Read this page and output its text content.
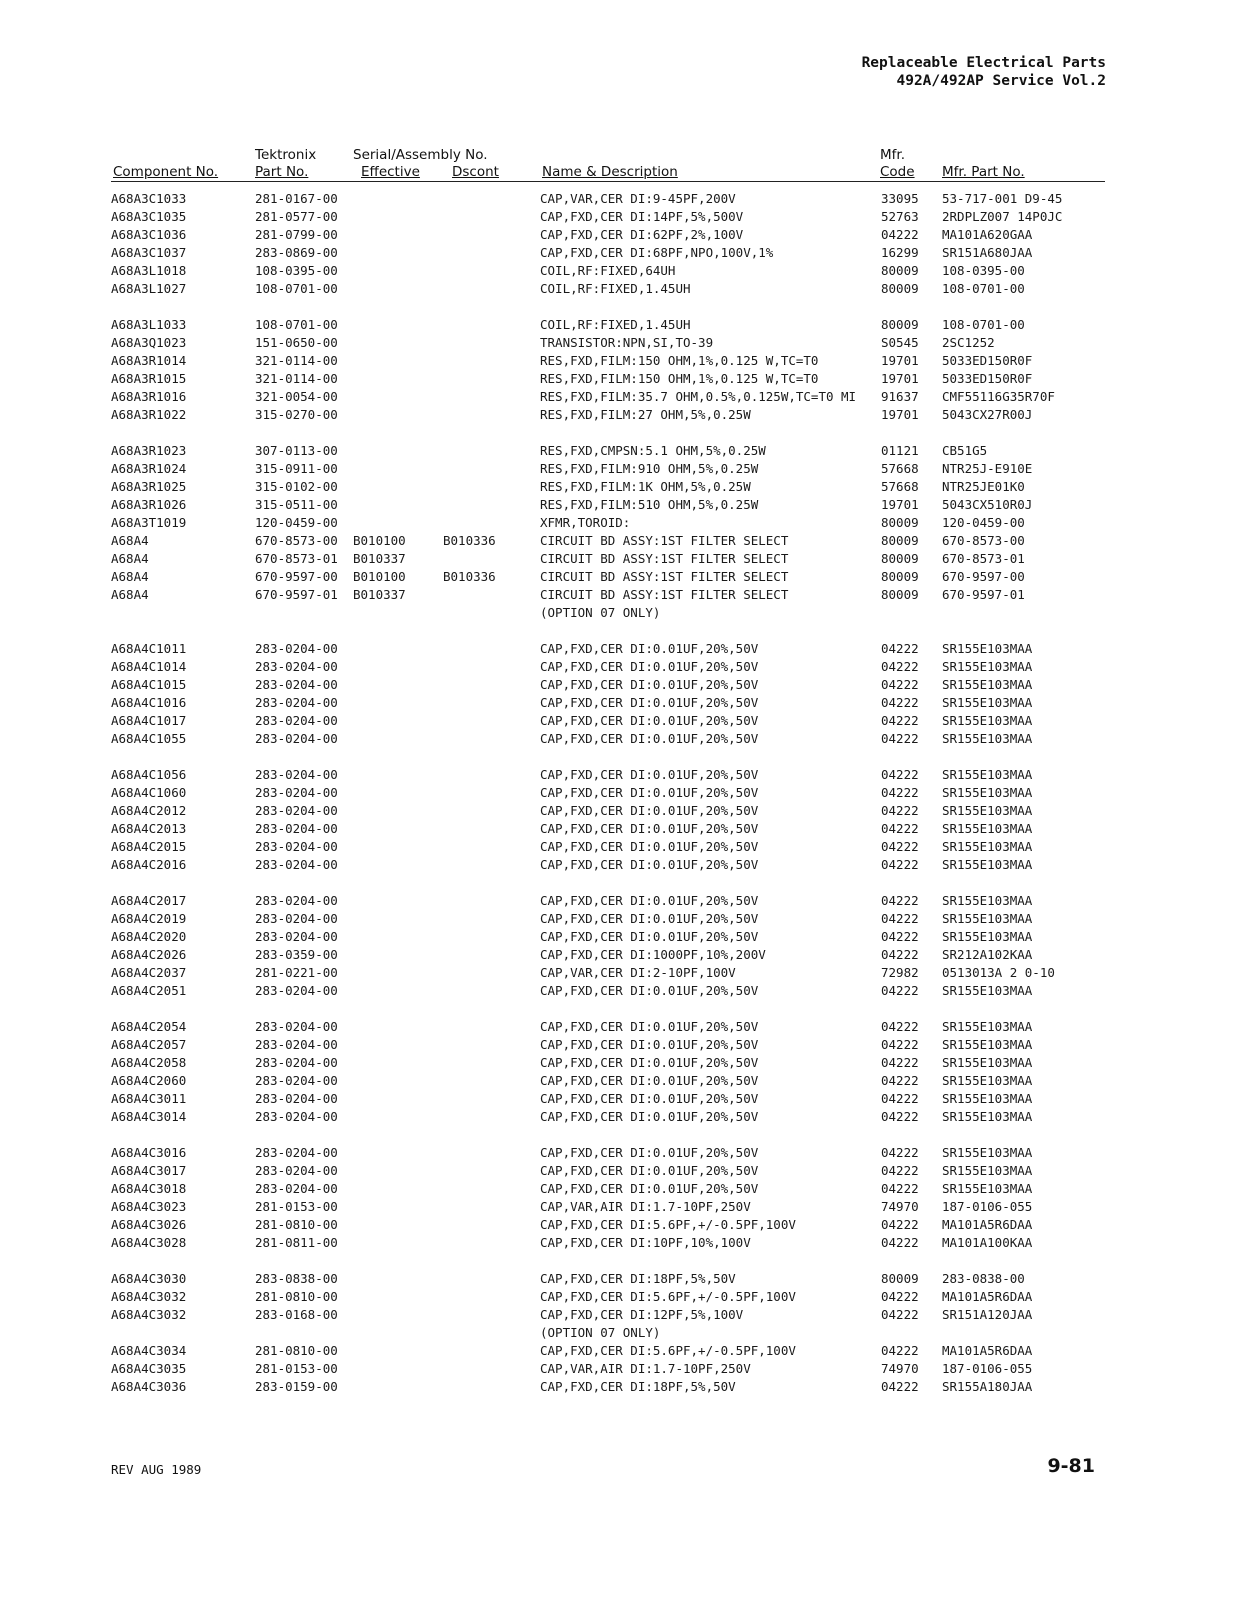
Replaceable Electrical Parts
492A/492AP Service Vol.2
Tektronix	Serial/Assembly No.	Mfr.
Component No.	Part No.	Effective Dscont	Name & Description	Code Mfr. Part No.
A68A3C1033	281-0167-00	CAP,VAR,CER DI:9-45PF,200V	33095 53-717-001 D9-45
A68A3C1035	281-0577-00	CAP,FXD,CER DI:14PF,5%,500V	52763 2RDPLZ007 14P0JC
A68A3C1036	281-0799-00	CAP,FXD,CER DI:62PF,2%,100V	04222 MA101A620GAA
A68A3C1037	283-0869-00	CAP,FXD,CER DI:68PF,NPO,100V,1%	16299 SR151A680JAA
A68A3L1018	108-0395-00	COIL,RF:FIXED,64UH	80009 108-0395-00
A68A3L1027	108-0701-00	COIL,RF:FIXED,1.45UH	80009 108-0701-00
A68A3L1033	108-0701-00	COIL,RF:FIXED,1.45UH	80009 108-0701-00
A68A3Q1023	151-0650-00	TRANSISTOR:NPN,SI,TO-39	S0545 2SC1252
A68A3R1014	321-0114-00	RES,FXD,FILM:150 OHM,1%,0.125 W,TC=T0	19701 5033ED150R0F
A68A3R1015	321-0114-00	RES,FXD,FILM:150 OHM,1%,0.125 W,TC=T0	19701 5033ED150R0F
A68A3R1016	321-0054-00	RES,FXD,FILM:35.7 OHM,0.5%,0.125W,TC=T0 MI 91637 CMF55116G35R70F
A68A3R1022	315-0270-00	RES,FXD,FILM:27 OHM,5%,0.25W	19701 5043CX27R00J
A68A3R1023	307-0113-00	RES,FXD,CMPSN:5.1 OHM,5%,0.25W	01121 CB51G5
A68A3R1024	315-0911-00	RES,FXD,FILM:910 OHM,5%,0.25W	57668 NTR25J-E910E
A68A3R1025	315-0102-00	RES,FXD,FILM:1K OHM,5%,0.25W	57668 NTR25JE01K0
A68A3R1026	315-0511-00	RES,FXD,FILM:510 OHM,5%,0.25W	19701 5043CX510R0J
A68A3T1019	120-0459-00	XFMR,TOROID:	80009 120-0459-00
A68A4	670-8573-00 B010100	B010336	CIRCUIT BD ASSY:1ST FILTER SELECT	80009 670-8573-00
A68A4	670-8573-01 B010337	CIRCUIT BD ASSY:1ST FILTER SELECT	80009 670-8573-01
A68A4	670-9597-00 B010100	B010336	CIRCUIT BD ASSY:1ST FILTER SELECT	80009 670-9597-00
A68A4	670-9597-01 B010337	CIRCUIT BD ASSY:1ST FILTER SELECT	80009 670-9597-01
(OPTION 07 ONLY)
A68A4C1011	283-0204-00	CAP,FXD,CER DI:0.01UF,20%,50V	04222 SR155E103MAA
A68A4C1014	283-0204-00	CAP,FXD,CER DI:0.01UF,20%,50V	04222 SR155E103MAA
A68A4C1015	283-0204-00	CAP,FXD,CER DI:0.01UF,20%,50V	04222 SR155E103MAA
A68A4C1016	283-0204-00	CAP,FXD,CER DI:0.01UF,20%,50V	04222 SR155E103MAA
A68A4C1017	283-0204-00	CAP,FXD,CER DI:0.01UF,20%,50V	04222 SR155E103MAA
A68A4C1055	283-0204-00	CAP,FXD,CER DI:0.01UF,20%,50V	04222 SR155E103MAA
A68A4C1056	283-0204-00	CAP,FXD,CER DI:0.01UF,20%,50V	04222 SR155E103MAA
A68A4C1060	283-0204-00	CAP,FXD,CER DI:0.01UF,20%,50V	04222 SR155E103MAA
A68A4C2012	283-0204-00	CAP,FXD,CER DI:0.01UF,20%,50V	04222 SR155E103MAA
A68A4C2013	283-0204-00	CAP,FXD,CER DI:0.01UF,20%,50V	04222 SR155E103MAA
A68A4C2015	283-0204-00	CAP,FXD,CER DI:0.01UF,20%,50V	04222 SR155E103MAA
A68A4C2016	283-0204-00	CAP,FXD,CER DI:0.01UF,20%,50V	04222 SR155E103MAA
A68A4C2017	283-0204-00	CAP,FXD,CER DI:0.01UF,20%,50V	04222 SR155E103MAA
A68A4C2019	283-0204-00	CAP,FXD,CER DI:0.01UF,20%,50V	04222 SR155E103MAA
A68A4C2020	283-0204-00	CAP,FXD,CER DI:0.01UF,20%,50V	04222 SR155E103MAA
A68A4C2026	283-0359-00	CAP,FXD,CER DI:1000PF,10%,200V	04222 SR212A102KAA
A68A4C2037	281-0221-00	CAP,VAR,CER DI:2-10PF,100V	72982 0513013A 2 0-10
A68A4C2051	283-0204-00	CAP,FXD,CER DI:0.01UF,20%,50V	04222 SR155E103MAA
A68A4C2054	283-0204-00	CAP,FXD,CER DI:0.01UF,20%,50V	04222 SR155E103MAA
A68A4C2057	283-0204-00	CAP,FXD,CER DI:0.01UF,20%,50V	04222 SR155E103MAA
A68A4C2058	283-0204-00	CAP,FXD,CER DI:0.01UF,20%,50V	04222 SR155E103MAA
A68A4C2060	283-0204-00	CAP,FXD,CER DI:0.01UF,20%,50V	04222 SR155E103MAA
A68A4C3011	283-0204-00	CAP,FXD,CER DI:0.01UF,20%,50V	04222 SR155E103MAA
A68A4C3014	283-0204-00	CAP,FXD,CER DI:0.01UF,20%,50V	04222 SR155E103MAA
A68A4C3016	283-0204-00	CAP,FXD,CER DI:0.01UF,20%,50V	04222 SR155E103MAA
A68A4C3017	283-0204-00	CAP,FXD,CER DI:0.01UF,20%,50V	04222 SR155E103MAA
A68A4C3018	283-0204-00	CAP,FXD,CER DI:0.01UF,20%,50V	04222 SR155E103MAA
A68A4C3023	281-0153-00	CAP,VAR,AIR DI:1.7-10PF,250V	74970 187-0106-055
A68A4C3026	281-0810-00	CAP,FXD,CER DI:5.6PF,+/-0.5PF,100V	04222 MA101A5R6DAA
A68A4C3028	281-0811-00	CAP,FXD,CER DI:10PF,10%,100V	04222 MA101A100KAA
A68A4C3030	283-0838-00	CAP,FXD,CER DI:18PF,5%,50V	80009 283-0838-00
A68A4C3032	281-0810-00	CAP,FXD,CER DI:5.6PF,+/-0.5PF,100V	04222 MA101A5R6DAA
A68A4C3032	283-0168-00	CAP,FXD,CER DI:12PF,5%,100V	04222 SR151A120JAA
(OPTION 07 ONLY)
A68A4C3034	281-0810-00	CAP,FXD,CER DI:5.6PF,+/-0.5PF,100V	04222 MA101A5R6DAA
A68A4C3035	281-0153-00	CAP,VAR,AIR DI:1.7-10PF,250V	74970 187-0106-055
A68A4C3036	283-0159-00	CAP,FXD,CER DI:18PF,5%,50V	04222 SR155A180JAA
REV AUG 1989	9-81
